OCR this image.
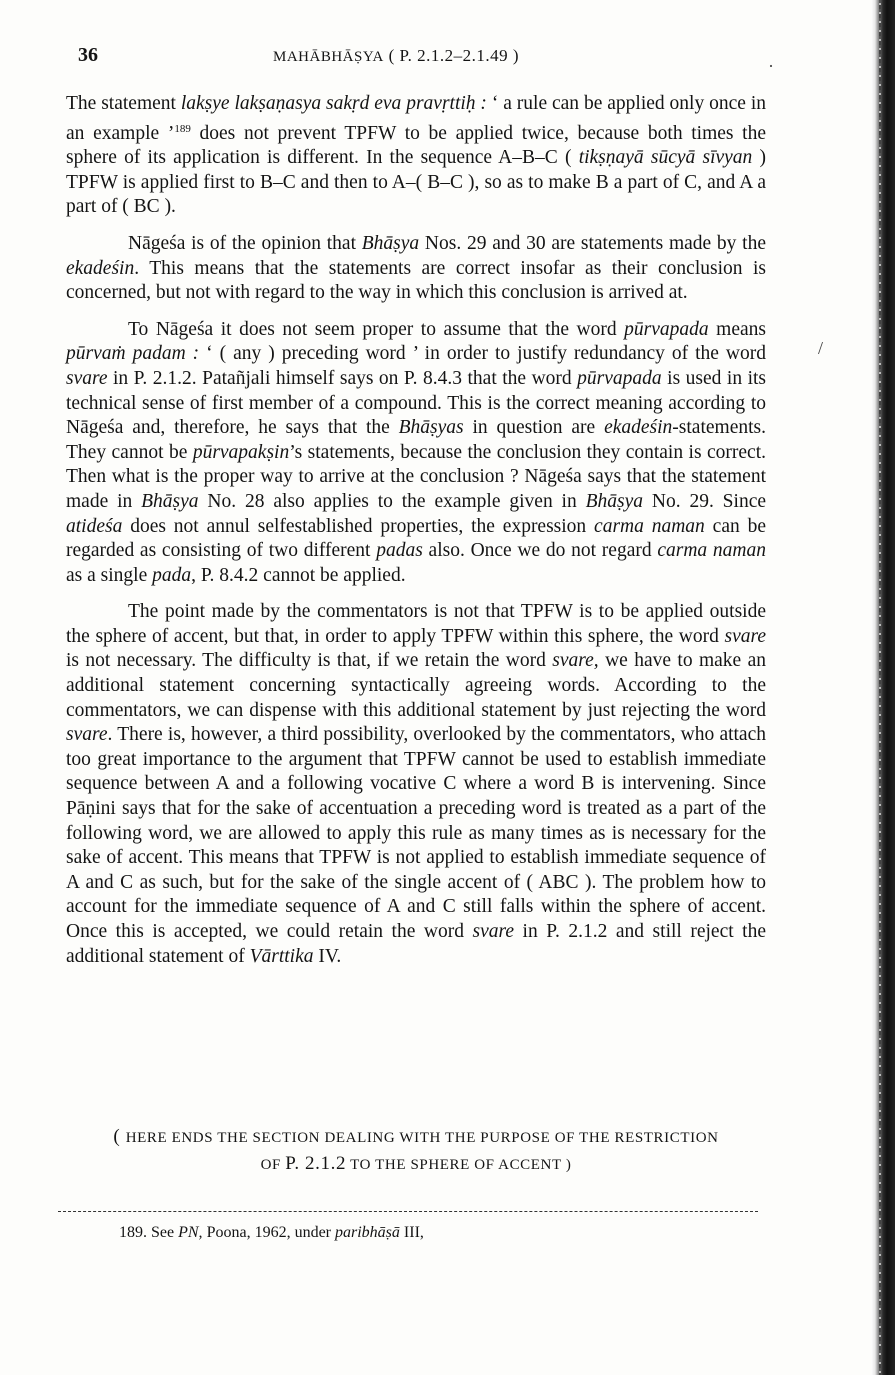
·
/
36	MAHĀBHĀṢYA ( P. 2.1.2–2.1.49 )

The statement lakṣye lakṣaṇasya sakṛd eva pravṛttiḥ : ‘ a rule can be applied only once in an example ’$^{189}$ does not prevent TPFW to be applied twice, because both times the sphere of its application is different. In the sequence A–B–C ( tikṣṇayā sūcyā sīvyan ) TPFW is applied first to B–C and then to A–( B–C ), so as to make B a part of C, and A a part of ( BC ).

Nāgeśa is of the opinion that Bhāṣya Nos. 29 and 30 are statements made by the ekadeśin. This means that the statements are correct insofar as their conclusion is concerned, but not with regard to the way in which this conclusion is arrived at.

To Nāgeśa it does not seem proper to assume that the word pūrvapada means pūrvaṁ padam : ‘ ( any ) preceding word ’ in order to justify redundancy of the word svare in P. 2.1.2. Patañjali himself says on P. 8.4.3 that the word pūrvapada is used in its technical sense of first member of a compound. This is the correct meaning according to Nāgeśa and, therefore, he says that the Bhāṣyas in question are ekadeśin-statements. They cannot be pūrvapakṣin’s statements, because the conclusion they contain is correct. Then what is the proper way to arrive at the conclusion ? Nāgeśa says that the statement made in Bhāṣya No. 28 also applies to the example given in Bhāṣya No. 29. Since atideśa does not annul selfestablished properties, the expression carma naman can be regarded as consisting of two different padas also. Once we do not regard carma naman as a single pada, P. 8.4.2 cannot be applied.

The point made by the commentators is not that TPFW is to be applied outside the sphere of accent, but that, in order to apply TPFW within this sphere, the word svare is not necessary. The difficulty is that, if we retain the word svare, we have to make an additional statement concerning syntactically agreeing words. According to the commentators, we can dispense with this additional statement by just rejecting the word svare. There is, however, a third possibility, overlooked by the commentators, who attach too great importance to the argument that TPFW cannot be used to establish immediate sequence between A and a following vocative C where a word B is intervening. Since Pāṇini says that for the sake of accentuation a preceding word is treated as a part of the following word, we are allowed to apply this rule as many times as is necessary for the sake of accent. This means that TPFW is not applied to establish immediate sequence of A and C as such, but for the sake of the single accent of ( ABC ). The problem how to account for the immediate sequence of A and C still falls within the sphere of accent. Once this is accepted, we could retain the word svare in P. 2.1.2 and still reject the additional statement of Vārttika IV.

( HERE ENDS THE SECTION DEALING WITH THE PURPOSE OF THE RESTRICTION
OF P. 2.1.2 TO THE SPHERE OF ACCENT )
189. See PN, Poona, 1962, under paribhāṣā III,
